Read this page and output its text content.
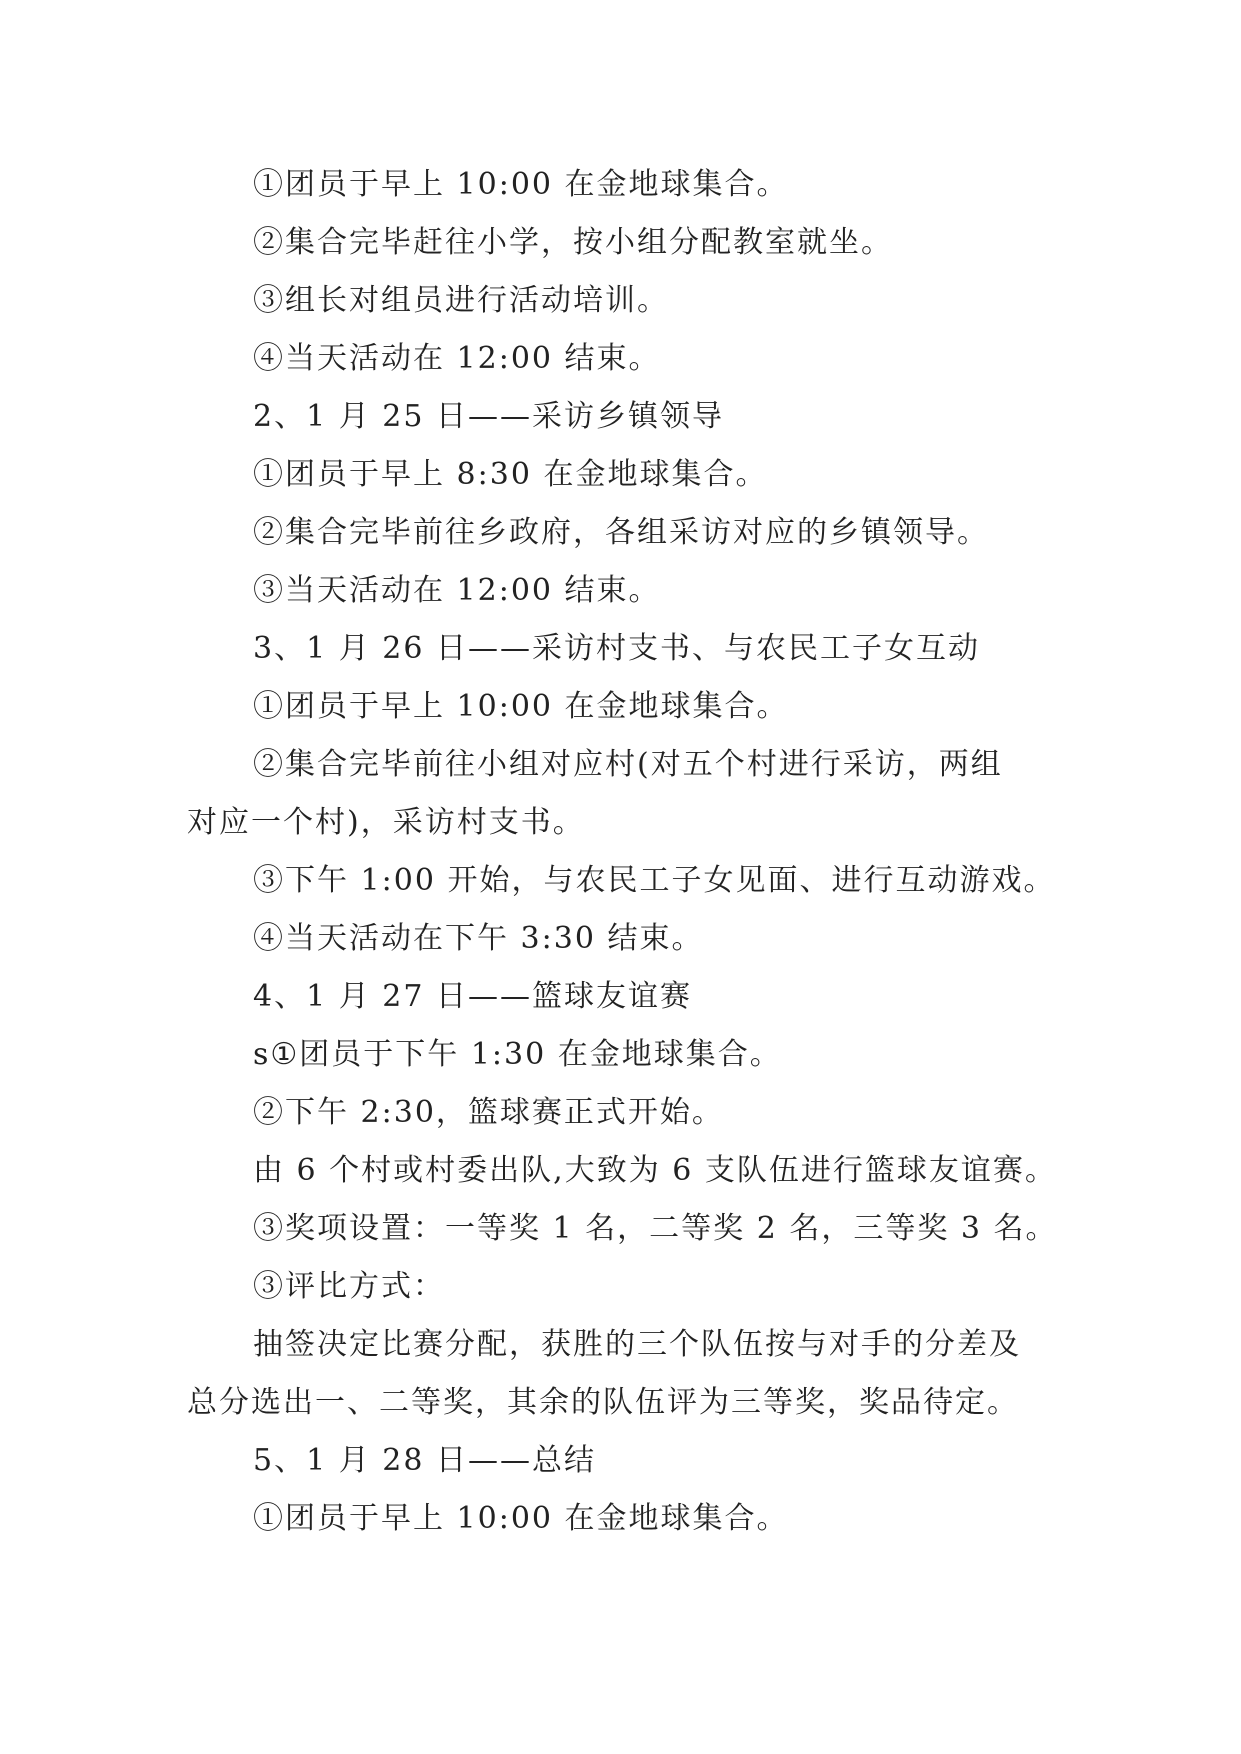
①团员于早上 10:00 在金地球集合。
②集合完毕赶往小学，按小组分配教室就坐。
③组长对组员进行活动培训。
④当天活动在 12:00 结束。
2、1 月 25 日——采访乡镇领导
①团员于早上 8:30 在金地球集合。
②集合完毕前往乡政府，各组采访对应的乡镇领导。
③当天活动在 12:00 结束。
3、1 月 26 日——采访村支书、与农民工子女互动
①团员于早上 10:00 在金地球集合。
②集合完毕前往小组对应村(对五个村进行采访，两组
对应一个村)，采访村支书。
③下午 1:00 开始，与农民工子女见面、进行互动游戏。
④当天活动在下午 3:30 结束。
4、1 月 27 日——篮球友谊赛
s①团员于下午 1:30 在金地球集合。
②下午 2:30，篮球赛正式开始。
由 6 个村或村委出队,大致为 6 支队伍进行篮球友谊赛。
③奖项设置：一等奖 1 名，二等奖 2 名，三等奖 3 名。
③评比方式：
抽签决定比赛分配，获胜的三个队伍按与对手的分差及
总分选出一、二等奖，其余的队伍评为三等奖，奖品待定。
5、1 月 28 日——总结
①团员于早上 10:00 在金地球集合。
